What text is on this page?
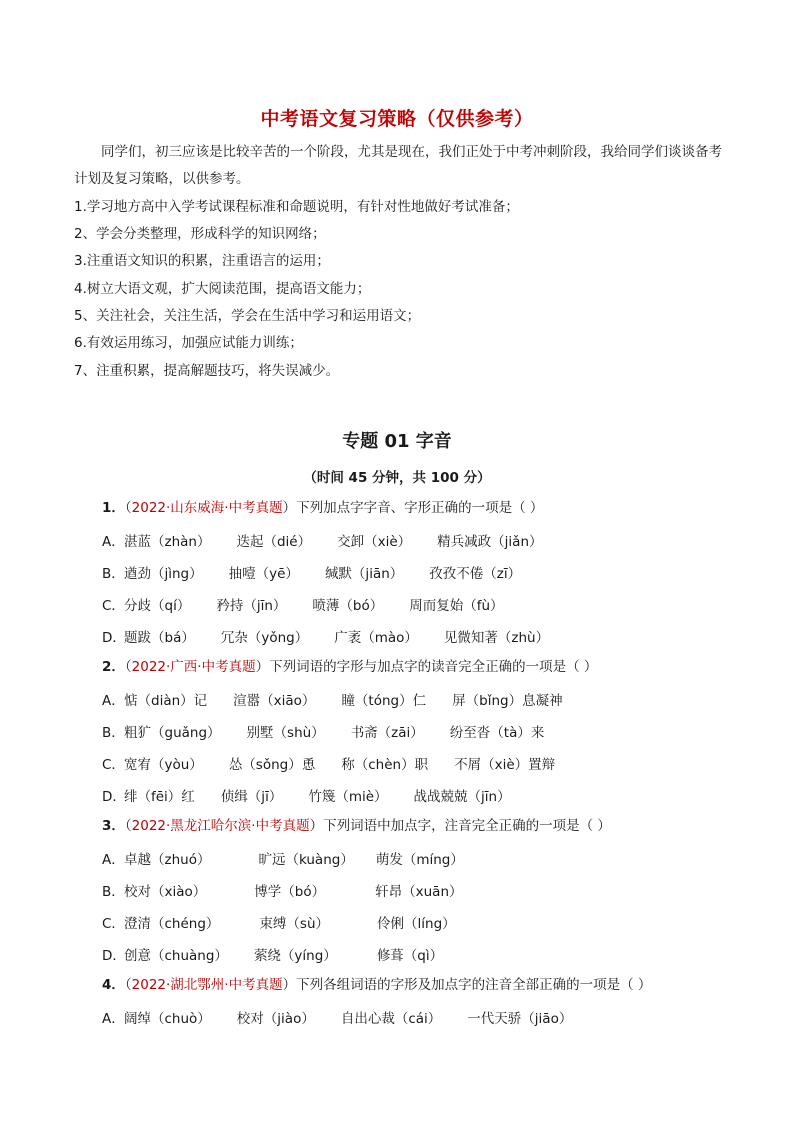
中考语文复习策略（仅供参考）
同学们，初三应该是比较辛苦的一个阶段，尤其是现在，我们正处于中考冲刺阶段，我给同学们谈谈备考计划及复习策略，以供参考。
1.学习地方高中入学考试课程标准和命题说明，有针对性地做好考试准备；
2、学会分类整理，形成科学的知识网络；
3.注重语文知识的积累，注重语言的运用；
4.树立大语文观，扩大阅读范围，提高语文能力；
5、关注社会，关注生活，学会在生活中学习和运用语文；
6.有效运用练习，加强应试能力训练；
7、注重积累，提高解题技巧，将失误减少。
专题 01 字音
（时间 45 分钟，共 100 分）
1．（2022·山东威海·中考真题）下列加点字字音、字形正确的一项是（ ）
A．湛蓝（zhàn） 迭起（dié） 交卸（xiè） 精兵减政（jiǎn）
B．遒劲（jìng） 抽噎（yē） 缄默（jiān） 孜孜不倦（zī）
C．分歧（qí） 矜持（jīn） 喷薄（bó） 周而复始（fù）
D．题跋（bá） 冗杂（yǒng） 广袤（mào） 见微知著（zhù）
2．（2022·广西·中考真题）下列词语的字形与加点字的读音完全正确的一项是（ ）
A．惦（diàn）记 渲嚣（xiāo） 瞳（tóng）仁 屏（bǐng）息凝神
B．粗犷（guǎng） 别墅（shù） 书斋（zāi） 纷至沓（tà）来
C．宽宥（yòu） 怂（sǒng）恿 称（chèn）职 不屑（xiè）置辩
D．绯（fēi）红 侦缉（jī） 竹篾（miè） 战战兢兢（jīn）
3．（2022·黑龙江哈尔滨·中考真题）下列词语中加点字，注音完全正确的一项是（ ）
A．卓越（zhuó）	旷远（kuàng） 萌发（míng）
B．校对（xiào）	博学（bó）	轩昂（xuān）
C．澄清（chéng）	束缚（sù）	伶俐（líng）
D．创意（chuàng） 萦绕（yíng）	修葺（qì）
4．（2022·湖北鄂州·中考真题）下列各组词语的字形及加点字的注音全部正确的一项是（ ）
A．阔绰（chuò） 校对（jiào） 自出心裁（cái） 一代天骄（jiāo）
